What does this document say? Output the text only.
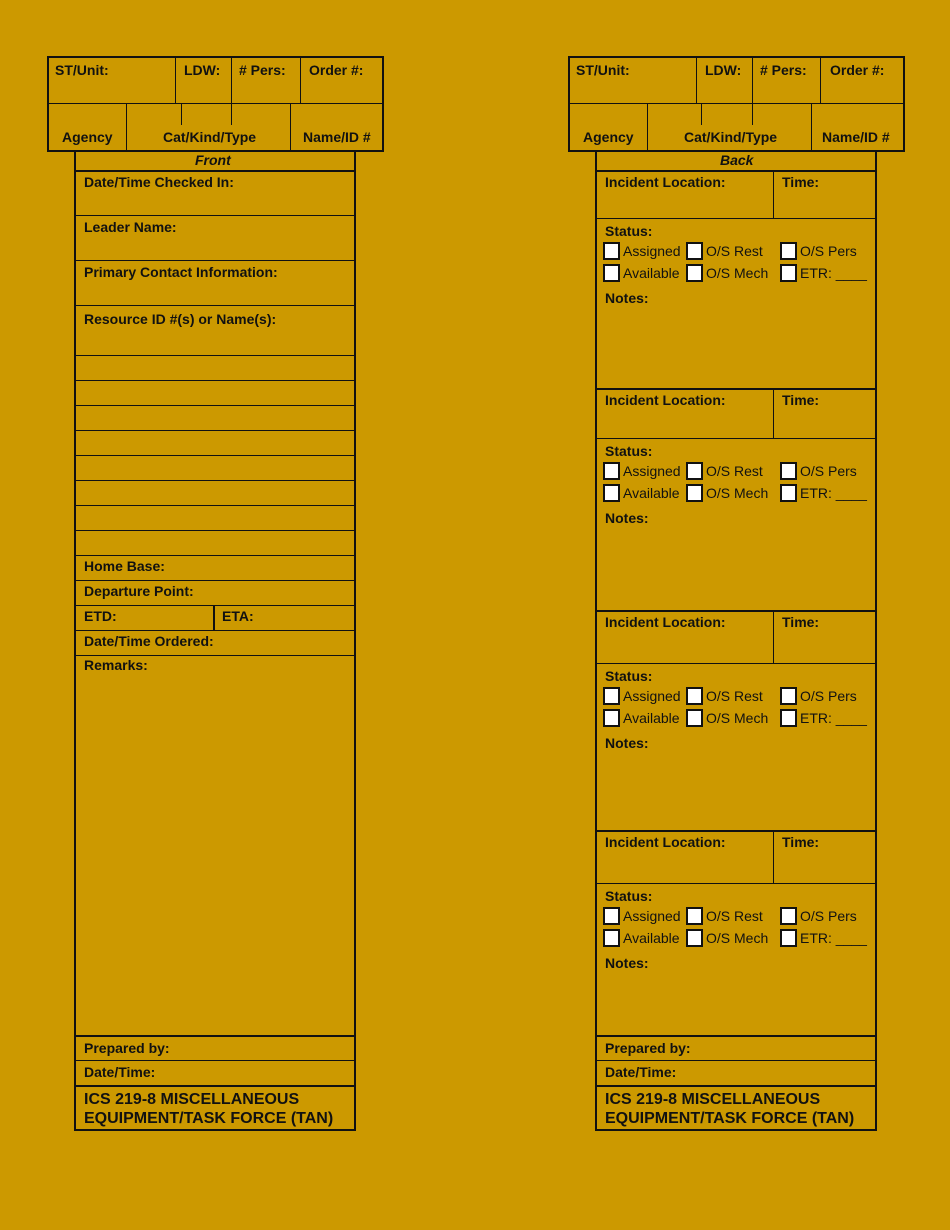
ST/Unit:	LDW: # Pers: Order #:
Agency	Cat/Kind/Type	Name/ID #
Front
Date/Time Checked In:
Leader Name:
Primary Contact Information:
Resource ID #(s) or Name(s):
Home Base:
Departure Point:
ETD:	ETA:
Date/Time Ordered:
Remarks:
Prepared by:
Date/Time:
ICS 219-8 MISCELLANEOUS
EQUIPMENT/TASK FORCE (TAN)
ST/Unit:	LDW: # Pers: Order #:
Agency	Cat/Kind/Type	Name/ID #
Back
Incident Location:	Time:
Status:
Assigned O/S Rest	O/S Pers
Available O/S Mech ETR: ____
Notes:
Incident Location:	Time:
Status:
Assigned O/S Rest	O/S Pers
Available O/S Mech ETR: ____
Notes:
Incident Location:	Time:
Status:
Assigned O/S Rest	O/S Pers
Available O/S Mech ETR: ____
Notes:
Incident Location:	Time:
Status:
Assigned O/S Rest	O/S Pers
Available O/S Mech ETR: ____
Notes:
Prepared by:
Date/Time:
ICS 219-8 MISCELLANEOUS
EQUIPMENT/TASK FORCE (TAN)
